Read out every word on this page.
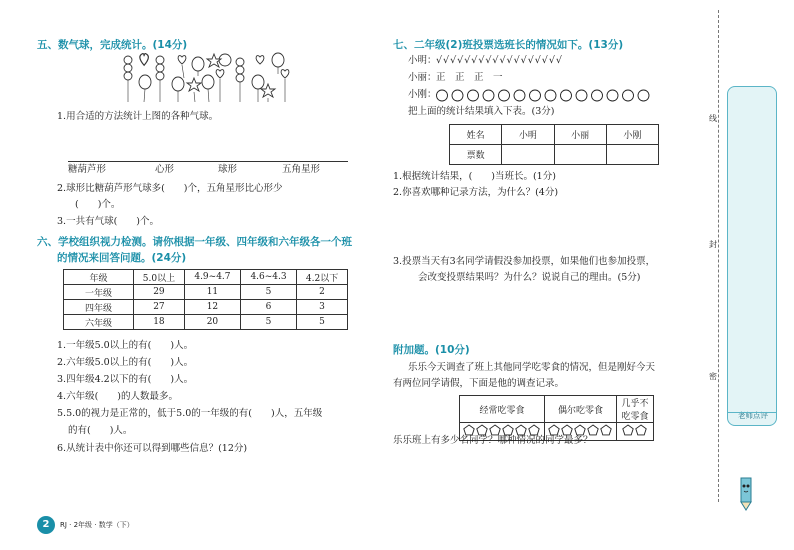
五、数气球，完成统计。(14分)
1.用合适的方法统计上图的各种气球。
糖葫芦形	心形	球形	五角星形
2.球形比糖葫芦形气球多(　　)个，五角星形比心形少
(　　)个。
3.一共有气球(　　)个。
六、学校组织视力检测。请你根据一年级、四年级和六年级各一个班
的情况来回答问题。(24分)
年级	5.0以上	4.9~4.7	4.6~4.3	4.2以下
一年级	29	11	5	2
四年级	27	12	6	3
六年级	18	20	5	5
1.一年级5.0以上的有(　　)人。
2.六年级5.0以上的有(　　)人。
3.四年级4.2以下的有(　　)人。
4.六年级(　　)的人数最多。
5.5.0的视力是正常的，低于5.0的一年级的有(　　)人，五年级
的有(　　)人。
6.从统计表中你还可以得到哪些信息？(12分)
2	RJ · 2年级 · 数学（下）
七、二年级(2)班投票选班长的情况如下。(13分)
小明： √√√√√√√√√√√√√√√√√√
小丽： 正　正　正　一
小刚：
把上面的统计结果填入下表。(3分)
姓名	小明	小丽	小刚
票数			
1.根据统计结果，(　　)当班长。(1分)
2.你喜欢哪种记录方法，为什么？(4分)
3.投票当天有3名同学请假没参加投票，如果他们也参加投票，
会改变投票结果吗？为什么？说说自己的理由。(5分)
附加题。(10分)
乐乐今天调查了班上其他同学吃零食的情况，但是刚好今天
有两位同学请假，下面是他的调查记录。
经常吃零食	偶尔吃零食	几乎不吃零食

乐乐班上有多少名同学？哪种情况的同学最多？
线
封
密
老师点评
